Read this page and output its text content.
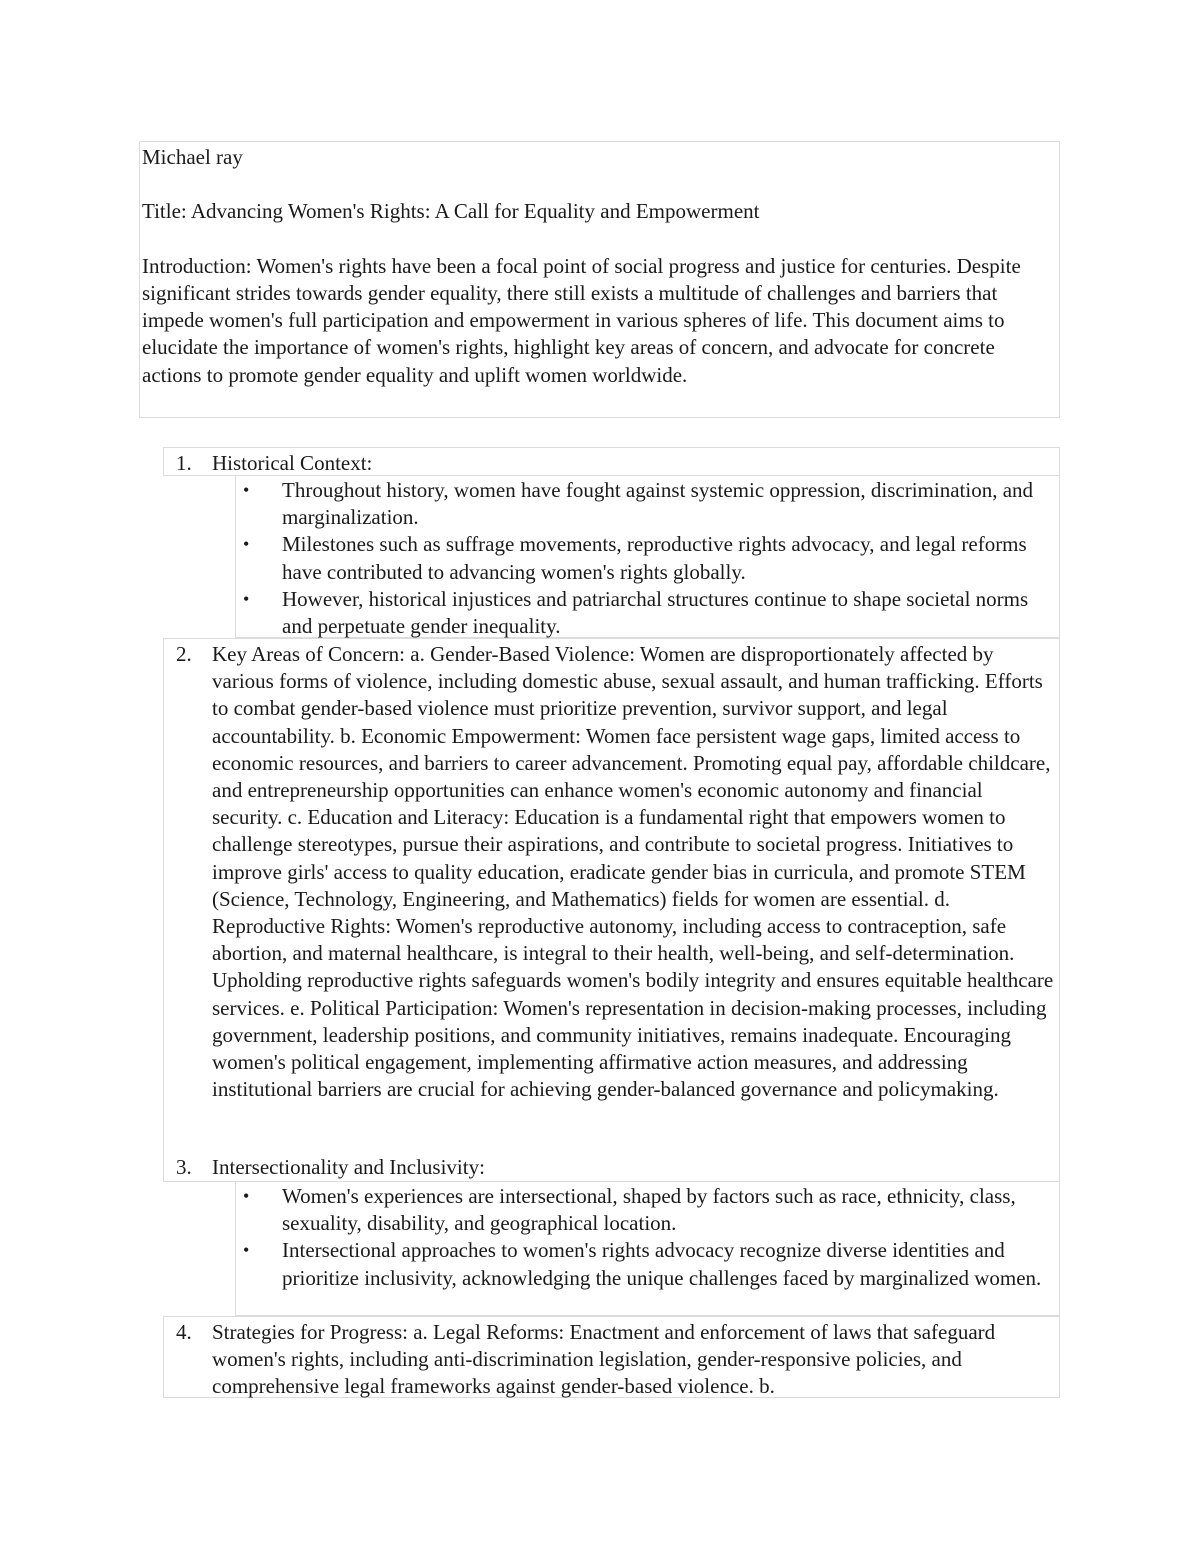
Michael ray

Title: Advancing Women's Rights: A Call for Equality and Empowerment

Introduction: Women's rights have been a focal point of social progress and justice for centuries. Despite significant strides towards gender equality, there still exists a multitude of challenges and barriers that impede women's full participation and empowerment in various spheres of life. This document aims to elucidate the importance of women's rights, highlight key areas of concern, and advocate for concrete actions to promote gender equality and uplift women worldwide.

1. Historical Context:

• Throughout history, women have fought against systemic oppression, discrimination, and marginalization.
• Milestones such as suffrage movements, reproductive rights advocacy, and legal reforms have contributed to advancing women's rights globally.
• However, historical injustices and patriarchal structures continue to shape societal norms and perpetuate gender inequality.
2. Key Areas of Concern: a. Gender-Based Violence: Women are disproportionately affected by various forms of violence, including domestic abuse, sexual assault, and human trafficking. Efforts to combat gender-based violence must prioritize prevention, survivor support, and legal accountability. b. Economic Empowerment: Women face persistent wage gaps, limited access to economic resources, and barriers to career advancement. Promoting equal pay, affordable childcare, and entrepreneurship opportunities can enhance women's economic autonomy and financial security. c. Education and Literacy: Education is a fundamental right that empowers women to challenge stereotypes, pursue their aspirations, and contribute to societal progress. Initiatives to improve girls' access to quality education, eradicate gender bias in curricula, and promote STEM (Science, Technology, Engineering, and Mathematics) fields for women are essential. d. Reproductive Rights: Women's reproductive autonomy, including access to contraception, safe abortion, and maternal healthcare, is integral to their health, well-being, and self-determination. Upholding reproductive rights safeguards women's bodily integrity and ensures equitable healthcare services. e. Political Participation: Women's representation in decision-making processes, including government, leadership positions, and community initiatives, remains inadequate. Encouraging women's political engagement, implementing affirmative action measures, and addressing institutional barriers are crucial for achieving gender-balanced governance and policymaking.

3. Intersectionality and Inclusivity:

• Women's experiences are intersectional, shaped by factors such as race, ethnicity, class, sexuality, disability, and geographical location.
• Intersectional approaches to women's rights advocacy recognize diverse identities and prioritize inclusivity, acknowledging the unique challenges faced by marginalized women.
4. Strategies for Progress: a. Legal Reforms: Enactment and enforcement of laws that safeguard women's rights, including anti-discrimination legislation, gender-responsive policies, and comprehensive legal frameworks against gender-based violence. b.
